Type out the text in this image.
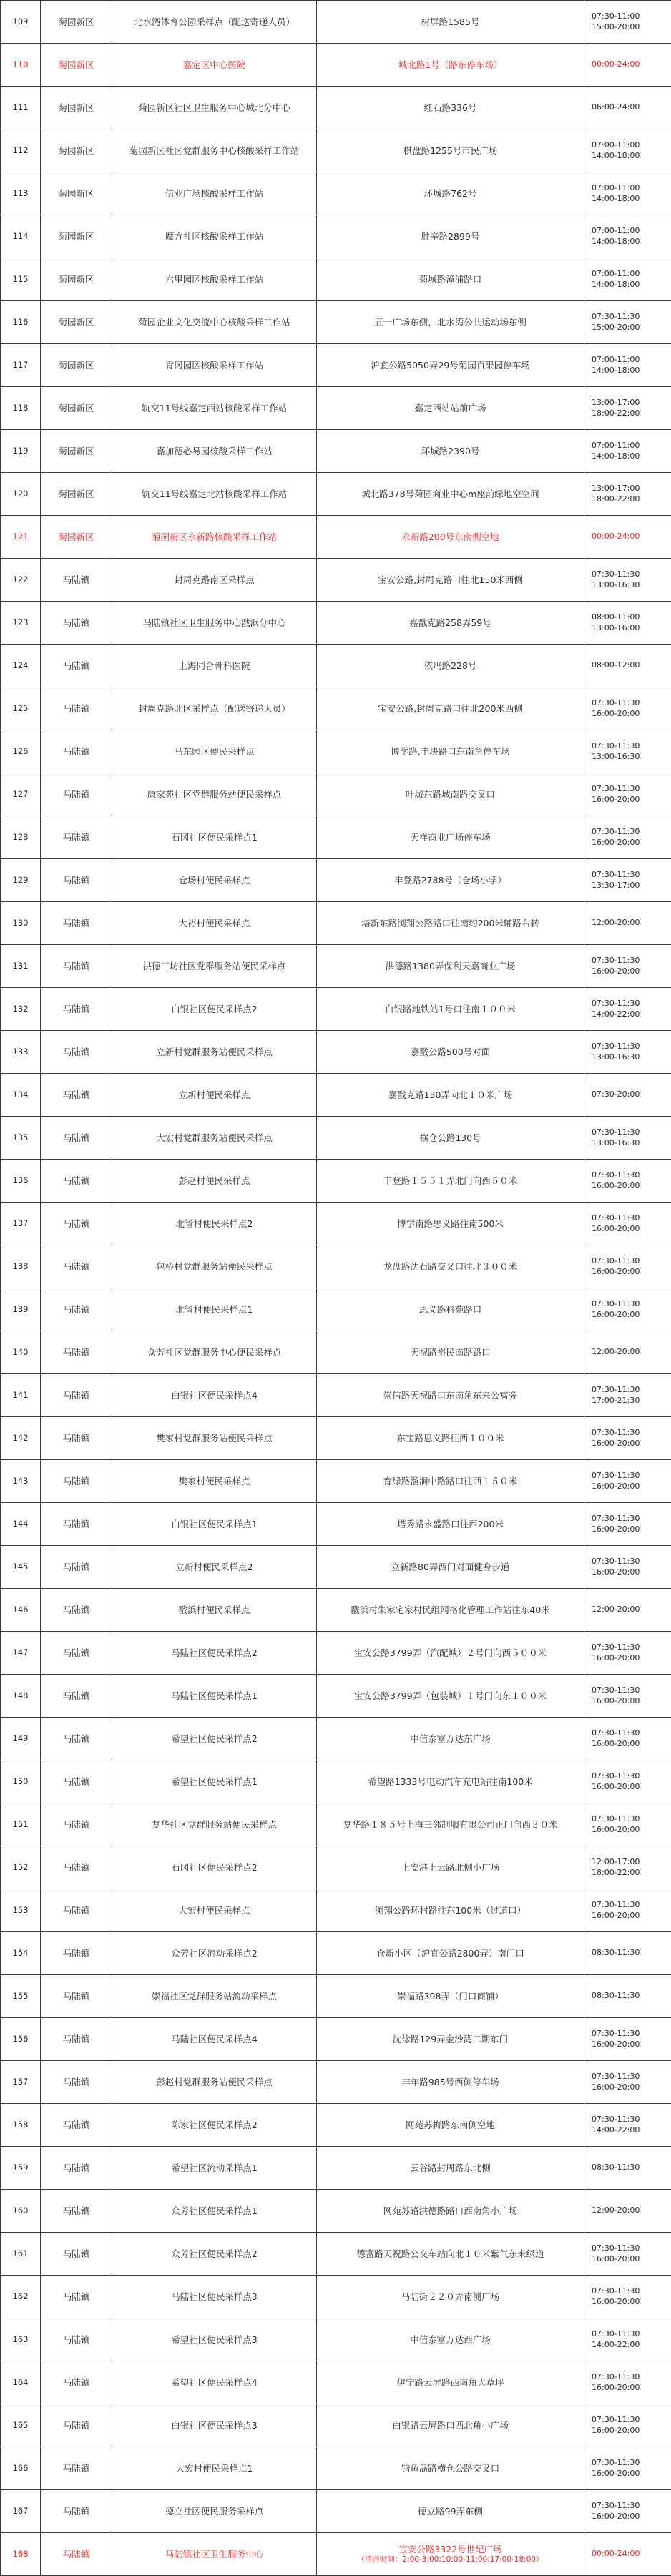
109	菊园新区	北水湾体育公园采样点（配送寄递人员）	树屏路1585号	07:30-11:00
15:00-20:00
110	菊园新区	嘉定区中心医院	城北路1号（路东停车场）	00:00-24:00
111	菊园新区	菊园新区社区卫生服务中心城北分中心	红石路336号	06:00-24:00
112	菊园新区	菊园新区社区党群服务中心核酸采样工作站	棋盘路1255号市民广场	07:00-11:00
14:00-18:00
113	菊园新区	信业广场核酸采样工作站	环城路762号	07:00-11:00
14:00-18:00
114	菊园新区	魔方社区核酸采样工作站	胜辛路2899号	07:00-11:00
14:00-18:00
115	菊园新区	六里园区核酸采样工作站	菊城路漳浦路口	07:00-11:00
14:00-18:00
116	菊园新区	菊园企业文化交流中心核酸采样工作站	五一广场东侧，北水湾公共运动场东侧	07:30-11:30
15:00-20:00
117	菊园新区	青冈园区核酸采样工作站	沪宜公路5050弄29号菊园百果园停车场	07:00-11:00
14:00-18:00
118	菊园新区	轨交11号线嘉定西站核酸采样工作站	嘉定西站站前广场	13:00-17:00
18:00-22:00
119	菊园新区	嘉加德必易园核酸采样工作站	环城路2390号	07:00-11:00
14:00-18:00
120	菊园新区	轨交11号线嘉定北站核酸采样工作站	城北路378号菊园商业中心m座前绿地空空间	13:00-17:00
18:00-22:00
121	菊园新区	菊园新区永新路核酸采样工作站	永新路200号东南侧空地	00:00-24:00
122	马陆镇	封周克路南区采样点	宝安公路,封周克路口往北150米西侧	07:30-11:30
13:00-16:30
123	马陆镇	马陆镇社区卫生服务中心戬浜分中心	嘉戬克路258弄59号	08:00-11:00
13:00-16:00
124	马陆镇	上海同合骨科医院	依玛路228号	08:00-12:00
125	马陆镇	封周克路北区采样点（配送寄递人员）	宝安公路,封周克路口往北200米西侧	07:30-11:30
16:00-20:00
126	马陆镇	马东园区便民采样点	博学路,丰块路口东南角停车场	07:30-11:30
13:00-16:30
127	马陆镇	康家苑社区党群服务站便民采样点	叶城东路城南路交叉口	07:30-11:30
16:00-20:00
128	马陆镇	石冈社区便民采样点1	天祥商业广场停车场	07:30-11:30
16:00-20:00
129	马陆镇	仓场村便民采样点	丰登路2788号（仓场小学）	07:30-11:30
13:30-17:00
130	马陆镇	大裕村便民采样点	塔新东路浏翔公路路口往南约200米辅路右转	12:00-20:00
131	马陆镇	洪德三坊社区党群服务站便民采样点	洪德路1380弄保利天嘉商业广场	07:30-11:30
16:00-20:00
132	马陆镇	白银社区便民采样点2	白银路地铁站1号口往南１００米	07:30-11:30
14:00-22:00
133	马陆镇	立新村党群服务站便民采样点	嘉戬公路500号对面	07:30-11:30
13:00-16:30
134	马陆镇	立新村便民采样点	嘉戬克路130弄向北１０米广场	07:30-20:00
135	马陆镇	大宏村党群服务站便民采样点	横仓公路130号	07:30-11:30
13:00-16:30
136	马陆镇	彭赵村便民采样点	丰登路１５５１弄北门向西５０米	07:30-11:30
16:00-20:00
137	马陆镇	北管村便民采样点2	博学南路思义路往南500米	07:30-11:30
16:00-20:00
138	马陆镇	包桥村党群服务站便民采样点	龙盘路沈石路交叉口往北３００米	07:30-11:30
16:00-20:00
139	马陆镇	北管村便民采样点1	思义路科苑路口	07:30-11:30
16:00-20:00
140	马陆镇	众芳社区党群服务中心便民采样点	天祝路裕民南路路口	12:00-20:00
141	马陆镇	白银社区便民采样点4	崇信路天祝路口东南角东来公寓旁	07:30-11:30
17:00-21:30
142	马陆镇	樊家村党群服务站便民采样点	东宝路思义路往西１００米	07:30-11:30
16:00-20:00
143	马陆镇	樊家村便民采样点	育绿路溜涧中路路口往西１５０米	07:30-11:30
16:00-20:00
144	马陆镇	白银社区便民采样点1	塔秀路永盛路口往西200米	07:30-11:30
16:00-20:00
145	马陆镇	立新村便民采样点2	立新路80弄西门对面健身步道	07:30-11:30
16:00-20:00
146	马陆镇	戬浜村便民采样点	戬浜村朱家宅家村民组网格化管理工作站往东40米	12:00-20:00
147	马陆镇	马陆社区便民采样点2	宝安公路3799弄（汽配城）２号门向西５００米	07:30-11:30
16:00-20:00
148	马陆镇	马陆社区便民采样点1	宝安公路3799弄（包装城）１号门向东１００米	07:30-11:30
16:00-20:00
149	马陆镇	希望社区便民采样点2	中信泰富万达东广场	07:30-11:30
16:00-20:00
150	马陆镇	希望社区便民采样点1	希望路1333号电动汽车充电站往南100米	07:30-11:30
16:00-20:00
151	马陆镇	复华社区党群服务站便民采样点	复华路１８５号上海三邻制服有限公司正门向西３０米	07:30-11:30
16:00-20:00
152	马陆镇	石冈社区便民采样点2	上安港上云路北侧小广场	12:00-17:00
18:00-22:00
153	马陆镇	大宏村便民采样点	浏翔公路环村路往东100米（过道口）	07:30-11:30
16:00-20:00
154	马陆镇	众芳社区流动采样点2	仓新小区（沪宜公路2800弄）南门口	08:30-11:30
155	马陆镇	崇福社区党群服务站流动采样点	崇福路398弄（门口商铺）	08:30-11:30
156	马陆镇	马陆社区便民采样点4	沈徐路129弄金沙湾二期东门	07:30-11:30
16:00-20:00
157	马陆镇	彭赵村党群服务站便民采样点	丰年路985号西侧停车场	07:30-11:30
16:00-20:00
158	马陆镇	陈家社区便民采样点2	网苑苏梅路东南侧空地	07:30-11:30
14:00-22:00
159	马陆镇	希望社区流动采样点1	云谷路封周路东北侧	08:30-11:30
160	马陆镇	众芳社区便民采样点1	网苑苏路洪德路路口西南角小广场	12:00-20:00
161	马陆镇	众芳社区便民采样点2	德富路天祝路公交车站向北１０米紫气东来绿道	07:30-11:30
16:00-20:00
162	马陆镇	马陆社区便民采样点3	马陆街２２０弄南侧广场	07:30-11:30
16:00-20:00
163	马陆镇	希望社区便民采样点3	中信泰富万达西广场	07:30-11:30
14:00-22:00
164	马陆镇	希望社区便民采样点4	伊宁路云屏路西南角大草坪	07:30-11:30
16:00-20:00
165	马陆镇	白银社区便民采样点3	白银路云屏路口西北角小广场	07:30-11:30
16:00-20:00
166	马陆镇	大宏村便民采样点1	钧鱼岛路横仓公路交叉口	07:30-11:30
16:00-20:00
167	马陆镇	德立社区便民服务采样点	德立路99弄东侧	07:30-11:30
16:00-20:00
168	马陆镇	马陆镇社区卫生服务中心	宝安公路3322号世纪广场
（清帝时间：2:00-3:00;10:00-11:00;17:00-18:00）	00:00-24:00
